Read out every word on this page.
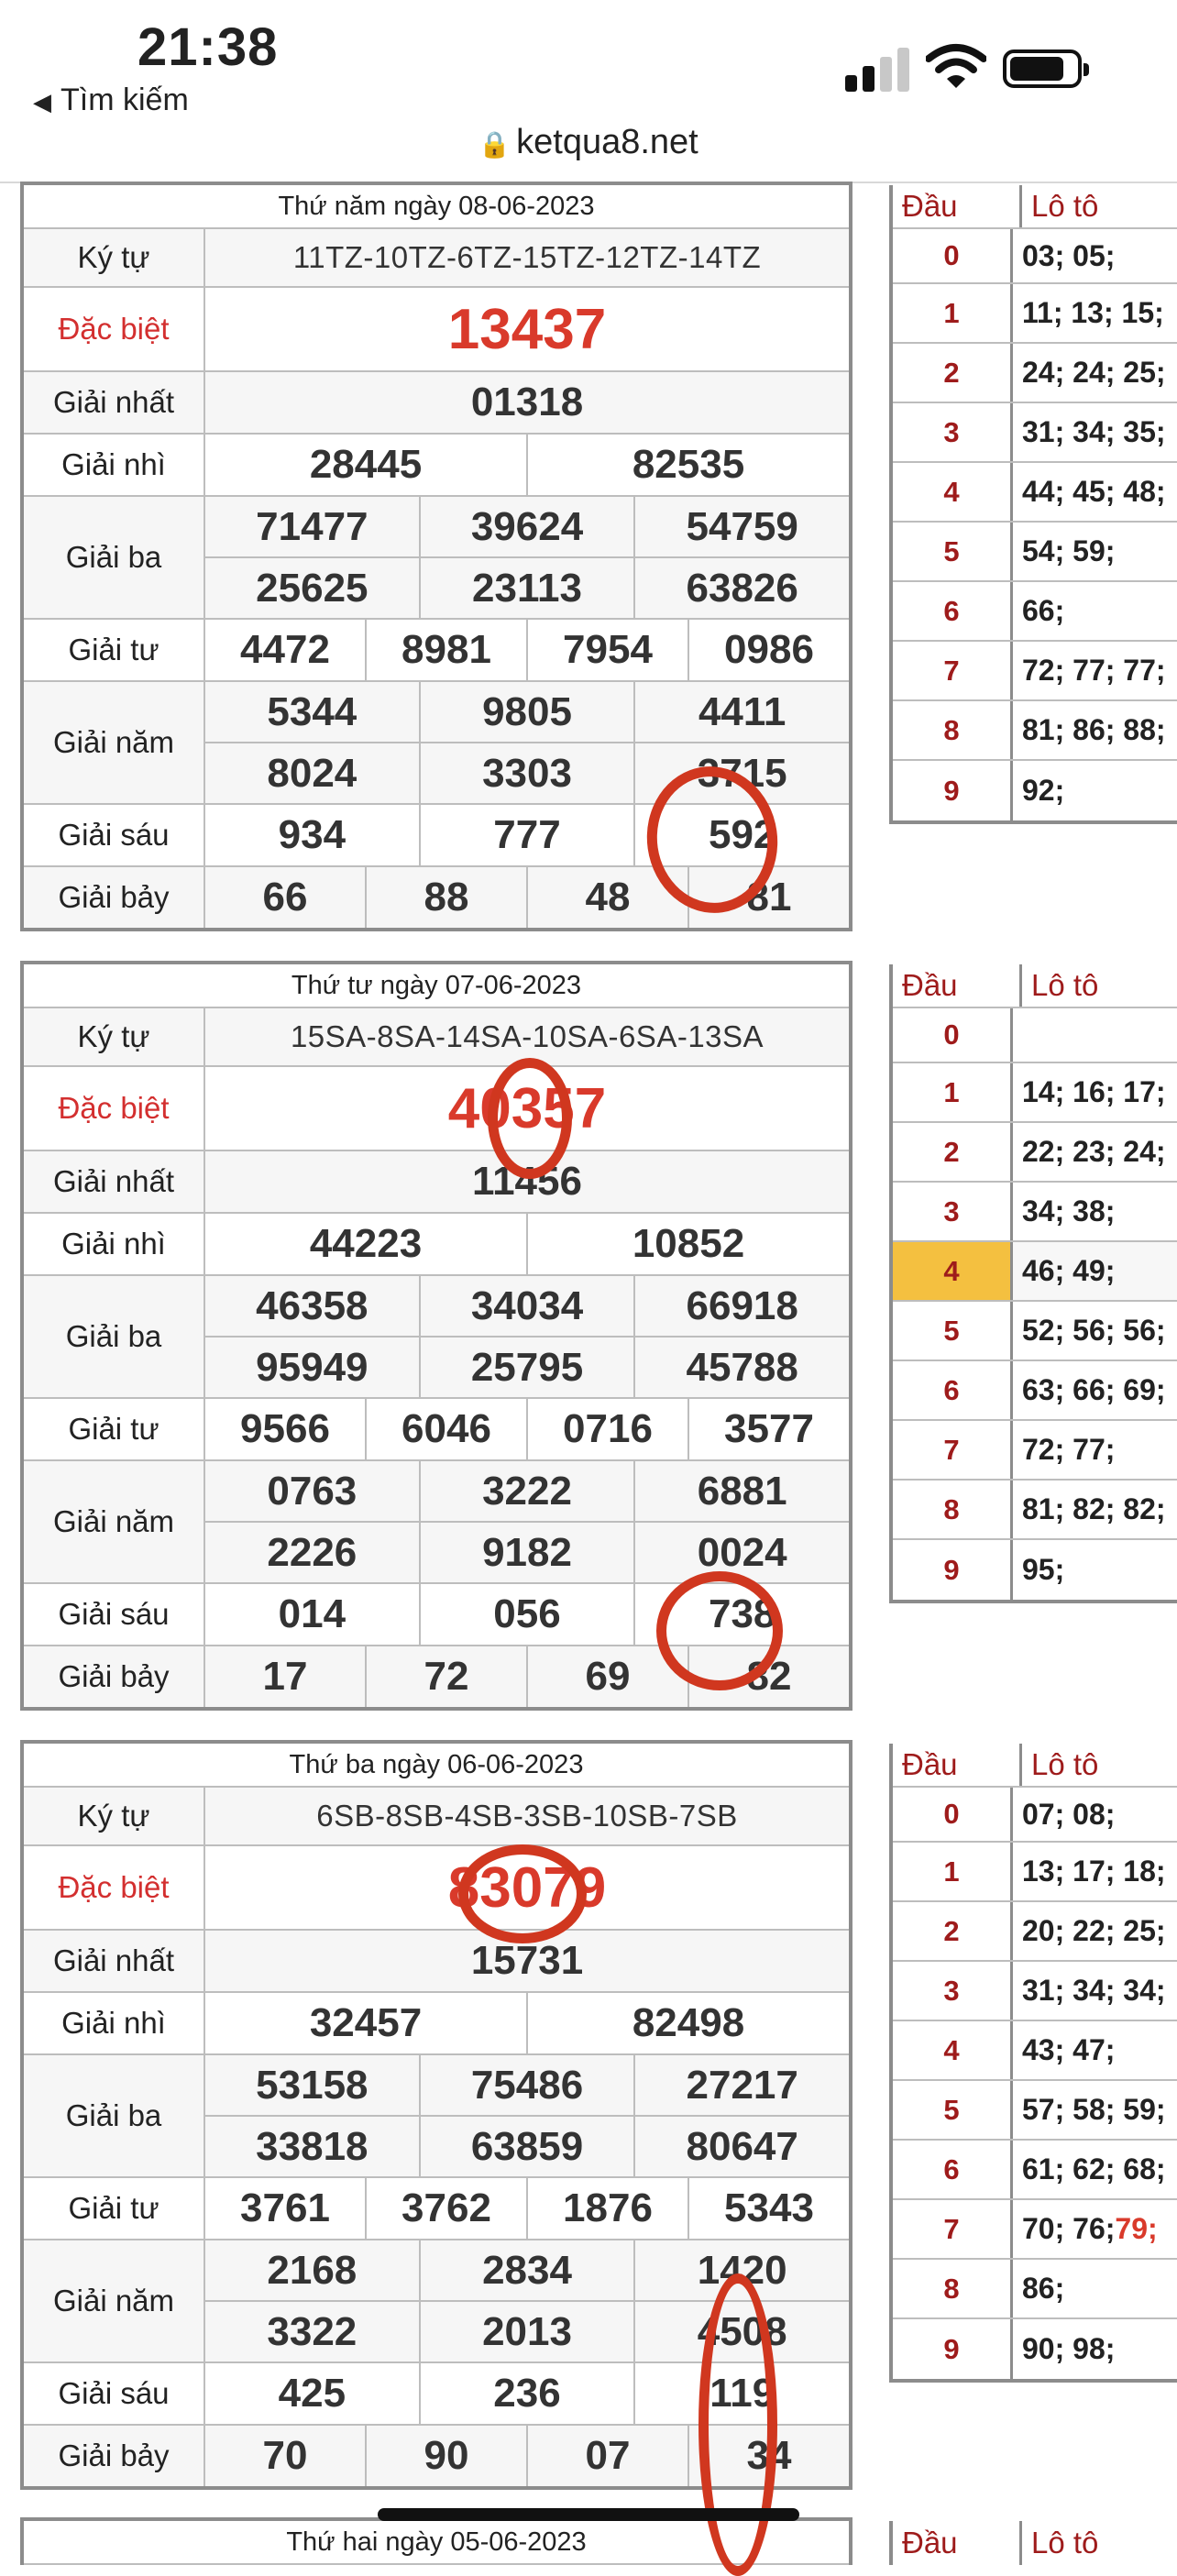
21:38
◀ Tìm kiếm
🔒 ketqua8.net
Thứ năm ngày 08-06-2023
Ký tự	11TZ-10TZ-6TZ-15TZ-12TZ-14TZ
Đặc biệt	13437
Giải nhất	01318
Giải nhì	28445	82535
Giải ba
71477	39624	54759
25625	23113	63826
Giải tư	4472	8981	7954	0986
Giải năm
5344	9805	4411
8024	3303	3715
Giải sáu	934	777	592
Giải bảy	66	88	48	81
Đầu	Lô tô
0	03; 05;
1	11; 13; 15;
2	24; 24; 25;
3	31; 34; 35;
4	44; 45; 48;
5	54; 59;
6	66;
7	72; 77; 77;
8	81; 86; 88;
9	92;
Thứ tư ngày 07-06-2023
Ký tự	15SA-8SA-14SA-10SA-6SA-13SA
Đặc biệt	40357
Giải nhất	11456
Giải nhì	44223	10852
Giải ba
46358	34034	66918
95949	25795	45788
Giải tư	9566	6046	0716	3577
Giải năm
0763	3222	6881
2226	9182	0024
Giải sáu	014	056	738
Giải bảy	17	72	69	82
Đầu	Lô tô
0
1	14; 16; 17;
2	22; 23; 24;
3	34; 38;
4	46; 49;
5	52; 56; 56;
6	63; 66; 69;
7	72; 77;
8	81; 82; 82;
9	95;
Thứ ba ngày 06-06-2023
Ký tự	6SB-8SB-4SB-3SB-10SB-7SB
Đặc biệt	83079
Giải nhất	15731
Giải nhì	32457	82498
Giải ba
53158	75486	27217
33818	63859	80647
Giải tư	3761	3762	1876	5343
Giải năm
2168	2834	1420
3322	2013	4508
Giải sáu	425	236	119
Giải bảy	70	90	07	34
Đầu	Lô tô
0	07; 08;
1	13; 17; 18;
2	20; 22; 25;
3	31; 34; 34;
4	43; 47;
5	57; 58; 59;
6	61; 62; 68;
7	70; 76; 79;
8	86;
9	90; 98;
Thứ hai ngày 05-06-2023	Đầu	Lô tô
